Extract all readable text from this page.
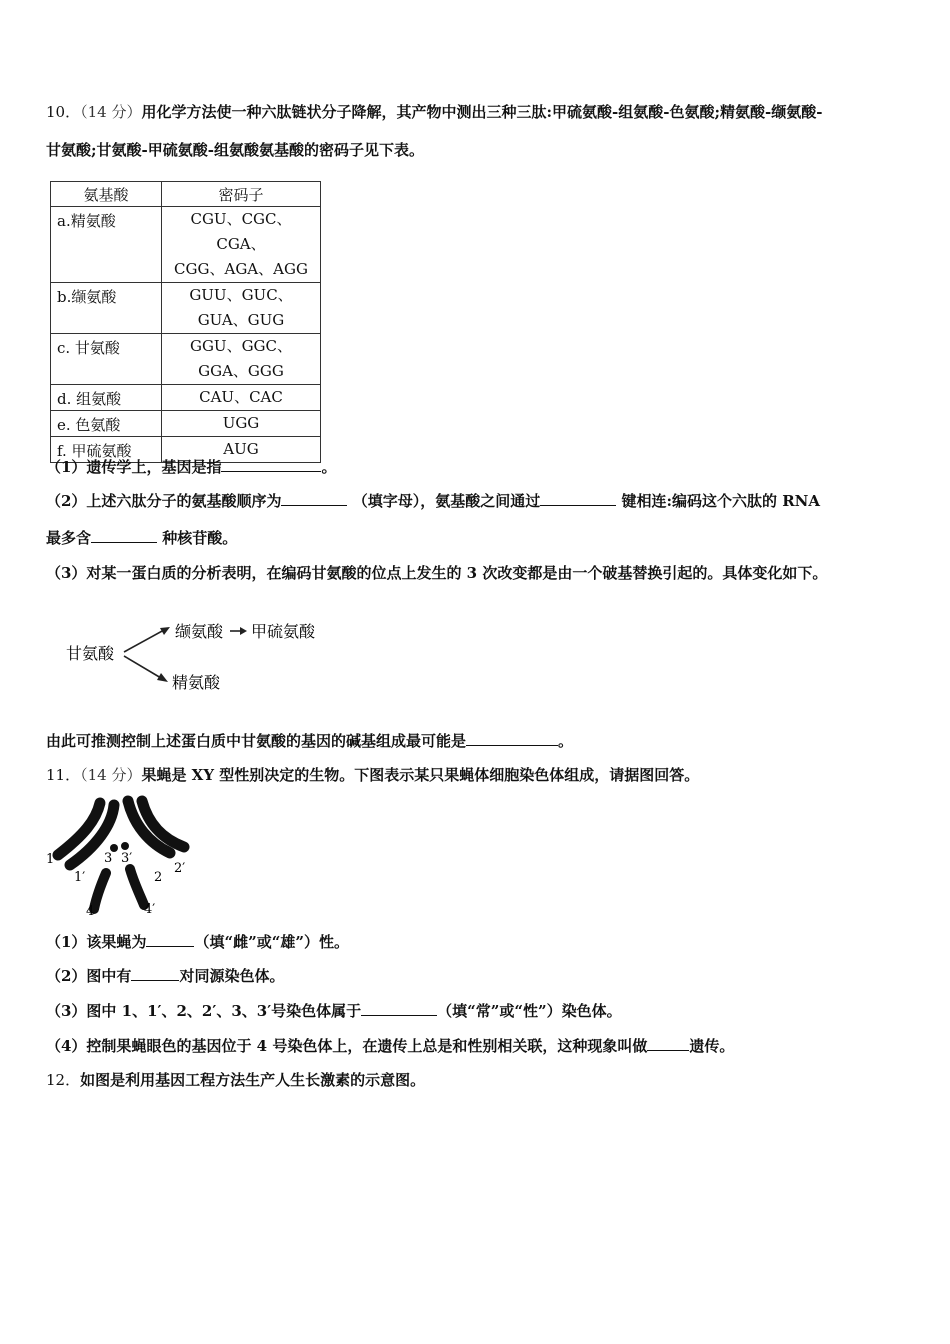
10．（14 分）用化学方法使一种六肽链状分子降解，其产物中测出三种三肽:甲硫氨酸-组氨酸-色氨酸;精氨酸-缬氨酸-
甘氨酸;甘氨酸-甲硫氨酸-组氨酸氨基酸的密码子见下表。
氨基酸	密码子
a.精氨酸	CGU、CGC、CGA、
CGG、AGA、AGG
b.缬氨酸	GUU、GUC、
GUA、GUG
c. 甘氨酸	GGU、GGC、
GGA、GGG
d. 组氨酸	CAU、CAC
e. 色氨酸	UGG
f. 甲硫氨酸	AUG
（1）遗传学上，基因是指	。
（2）上述六肽分子的氨基酸顺序为	（填字母），氨基酸之间通过	键相连:编码这个六肽的 RNA
最多含	种核苷酸。
（3）对某一蛋白质的分析表明，在编码甘氨酸的位点上发生的 3 次改变都是由一个破基替换引起的。具体变化如下。
甘氨酸
缬氨酸 甲硫氨酸
精氨酸
由此可推测控制上述蛋白质中甘氨酸的基因的碱基组成最可能是	。
11．（14 分）果蝇是 XY 型性别决定的生物。下图表示某只果蝇体细胞染色体组成，请据图回答。
1
1′
3 3′
2
2′
4	4′
（1）该果蝇为	（填“雌”或“雄”）性。
（2）图中有	对同源染色体。
（3）图中 1、1′、2、2′、3、3′号染色体属于	（填“常”或“性”）染色体。
（4）控制果蝇眼色的基因位于 4 号染色体上，在遗传上总是和性别相关联，这种现象叫做	遗传。
12．如图是利用基因工程方法生产人生长激素的示意图。
